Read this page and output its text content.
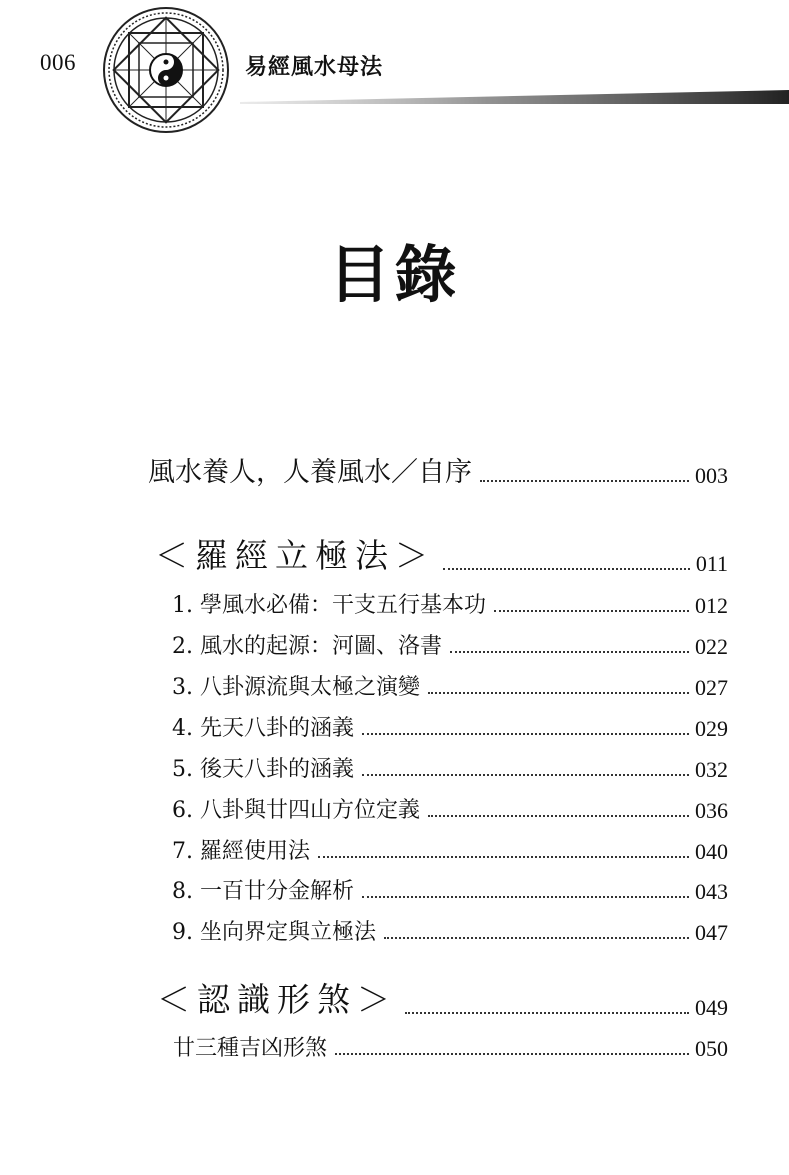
006	易經風水母法
目錄
風水養人，人養風水／自序	003
＜羅經立極法＞	011
1. 學風水必備：干支五行基本功	012
2. 風水的起源：河圖、洛書	022
3. 八卦源流與太極之演變	027
4. 先天八卦的涵義	029
5. 後天八卦的涵義	032
6. 八卦與廿四山方位定義	036
7. 羅經使用法	040
8. 一百廿分金解析	043
9. 坐向界定與立極法	047
＜認識形煞＞	049
廿三種吉凶形煞	050
